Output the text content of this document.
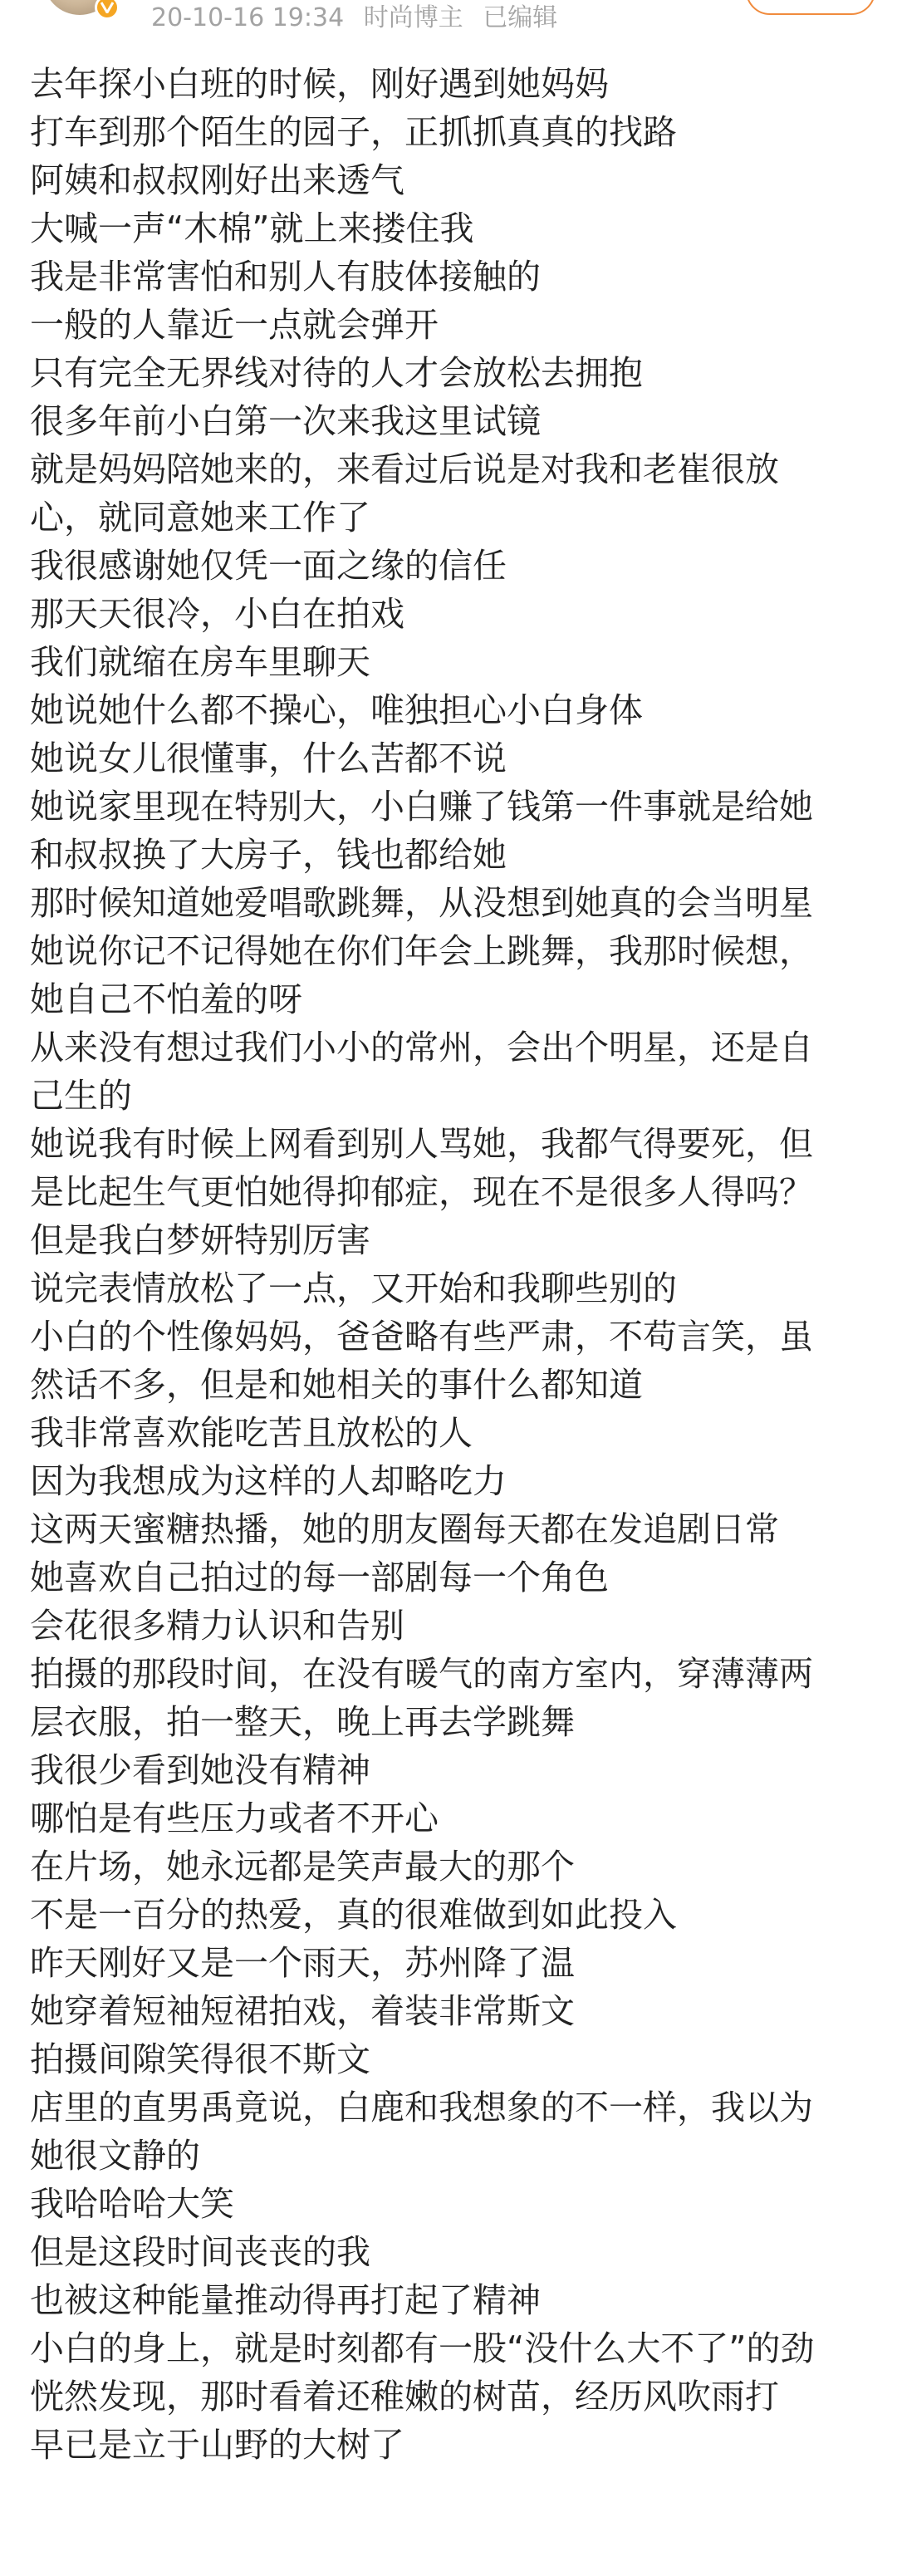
20-10-16 19:34 时尚博主 已编辑
去年探小白班的时候，刚好遇到她妈妈
打车到那个陌生的园子，正抓抓真真的找路
阿姨和叔叔刚好出来透气
大喊一声“木棉”就上来搂住我
我是非常害怕和别人有肢体接触的
一般的人靠近一点就会弹开
只有完全无界线对待的人才会放松去拥抱
很多年前小白第一次来我这里试镜
就是妈妈陪她来的，来看过后说是对我和老崔很放
心，就同意她来工作了
我很感谢她仅凭一面之缘的信任
那天天很冷，小白在拍戏
我们就缩在房车里聊天
她说她什么都不操心，唯独担心小白身体
她说女儿很懂事，什么苦都不说
她说家里现在特别大，小白赚了钱第一件事就是给她
和叔叔换了大房子，钱也都给她
那时候知道她爱唱歌跳舞，从没想到她真的会当明星
她说你记不记得她在你们年会上跳舞，我那时候想，
她自己不怕羞的呀
从来没有想过我们小小的常州，会出个明星，还是自
己生的
她说我有时候上网看到别人骂她，我都气得要死，但
是比起生气更怕她得抑郁症，现在不是很多人得吗？
但是我白梦妍特别厉害
说完表情放松了一点，又开始和我聊些别的
小白的个性像妈妈，爸爸略有些严肃，不苟言笑，虽
然话不多，但是和她相关的事什么都知道
我非常喜欢能吃苦且放松的人
因为我想成为这样的人却略吃力
这两天蜜糖热播，她的朋友圈每天都在发追剧日常
她喜欢自己拍过的每一部剧每一个角色
会花很多精力认识和告别
拍摄的那段时间，在没有暖气的南方室内，穿薄薄两
层衣服，拍一整天，晚上再去学跳舞
我很少看到她没有精神
哪怕是有些压力或者不开心
在片场，她永远都是笑声最大的那个
不是一百分的热爱，真的很难做到如此投入
昨天刚好又是一个雨天，苏州降了温
她穿着短袖短裙拍戏，着装非常斯文
拍摄间隙笑得很不斯文
店里的直男禹竟说，白鹿和我想象的不一样，我以为
她很文静的
我哈哈哈大笑
但是这段时间丧丧的我
也被这种能量推动得再打起了精神
小白的身上，就是时刻都有一股“没什么大不了”的劲
恍然发现，那时看着还稚嫩的树苗，经历风吹雨打
早已是立于山野的大树了
